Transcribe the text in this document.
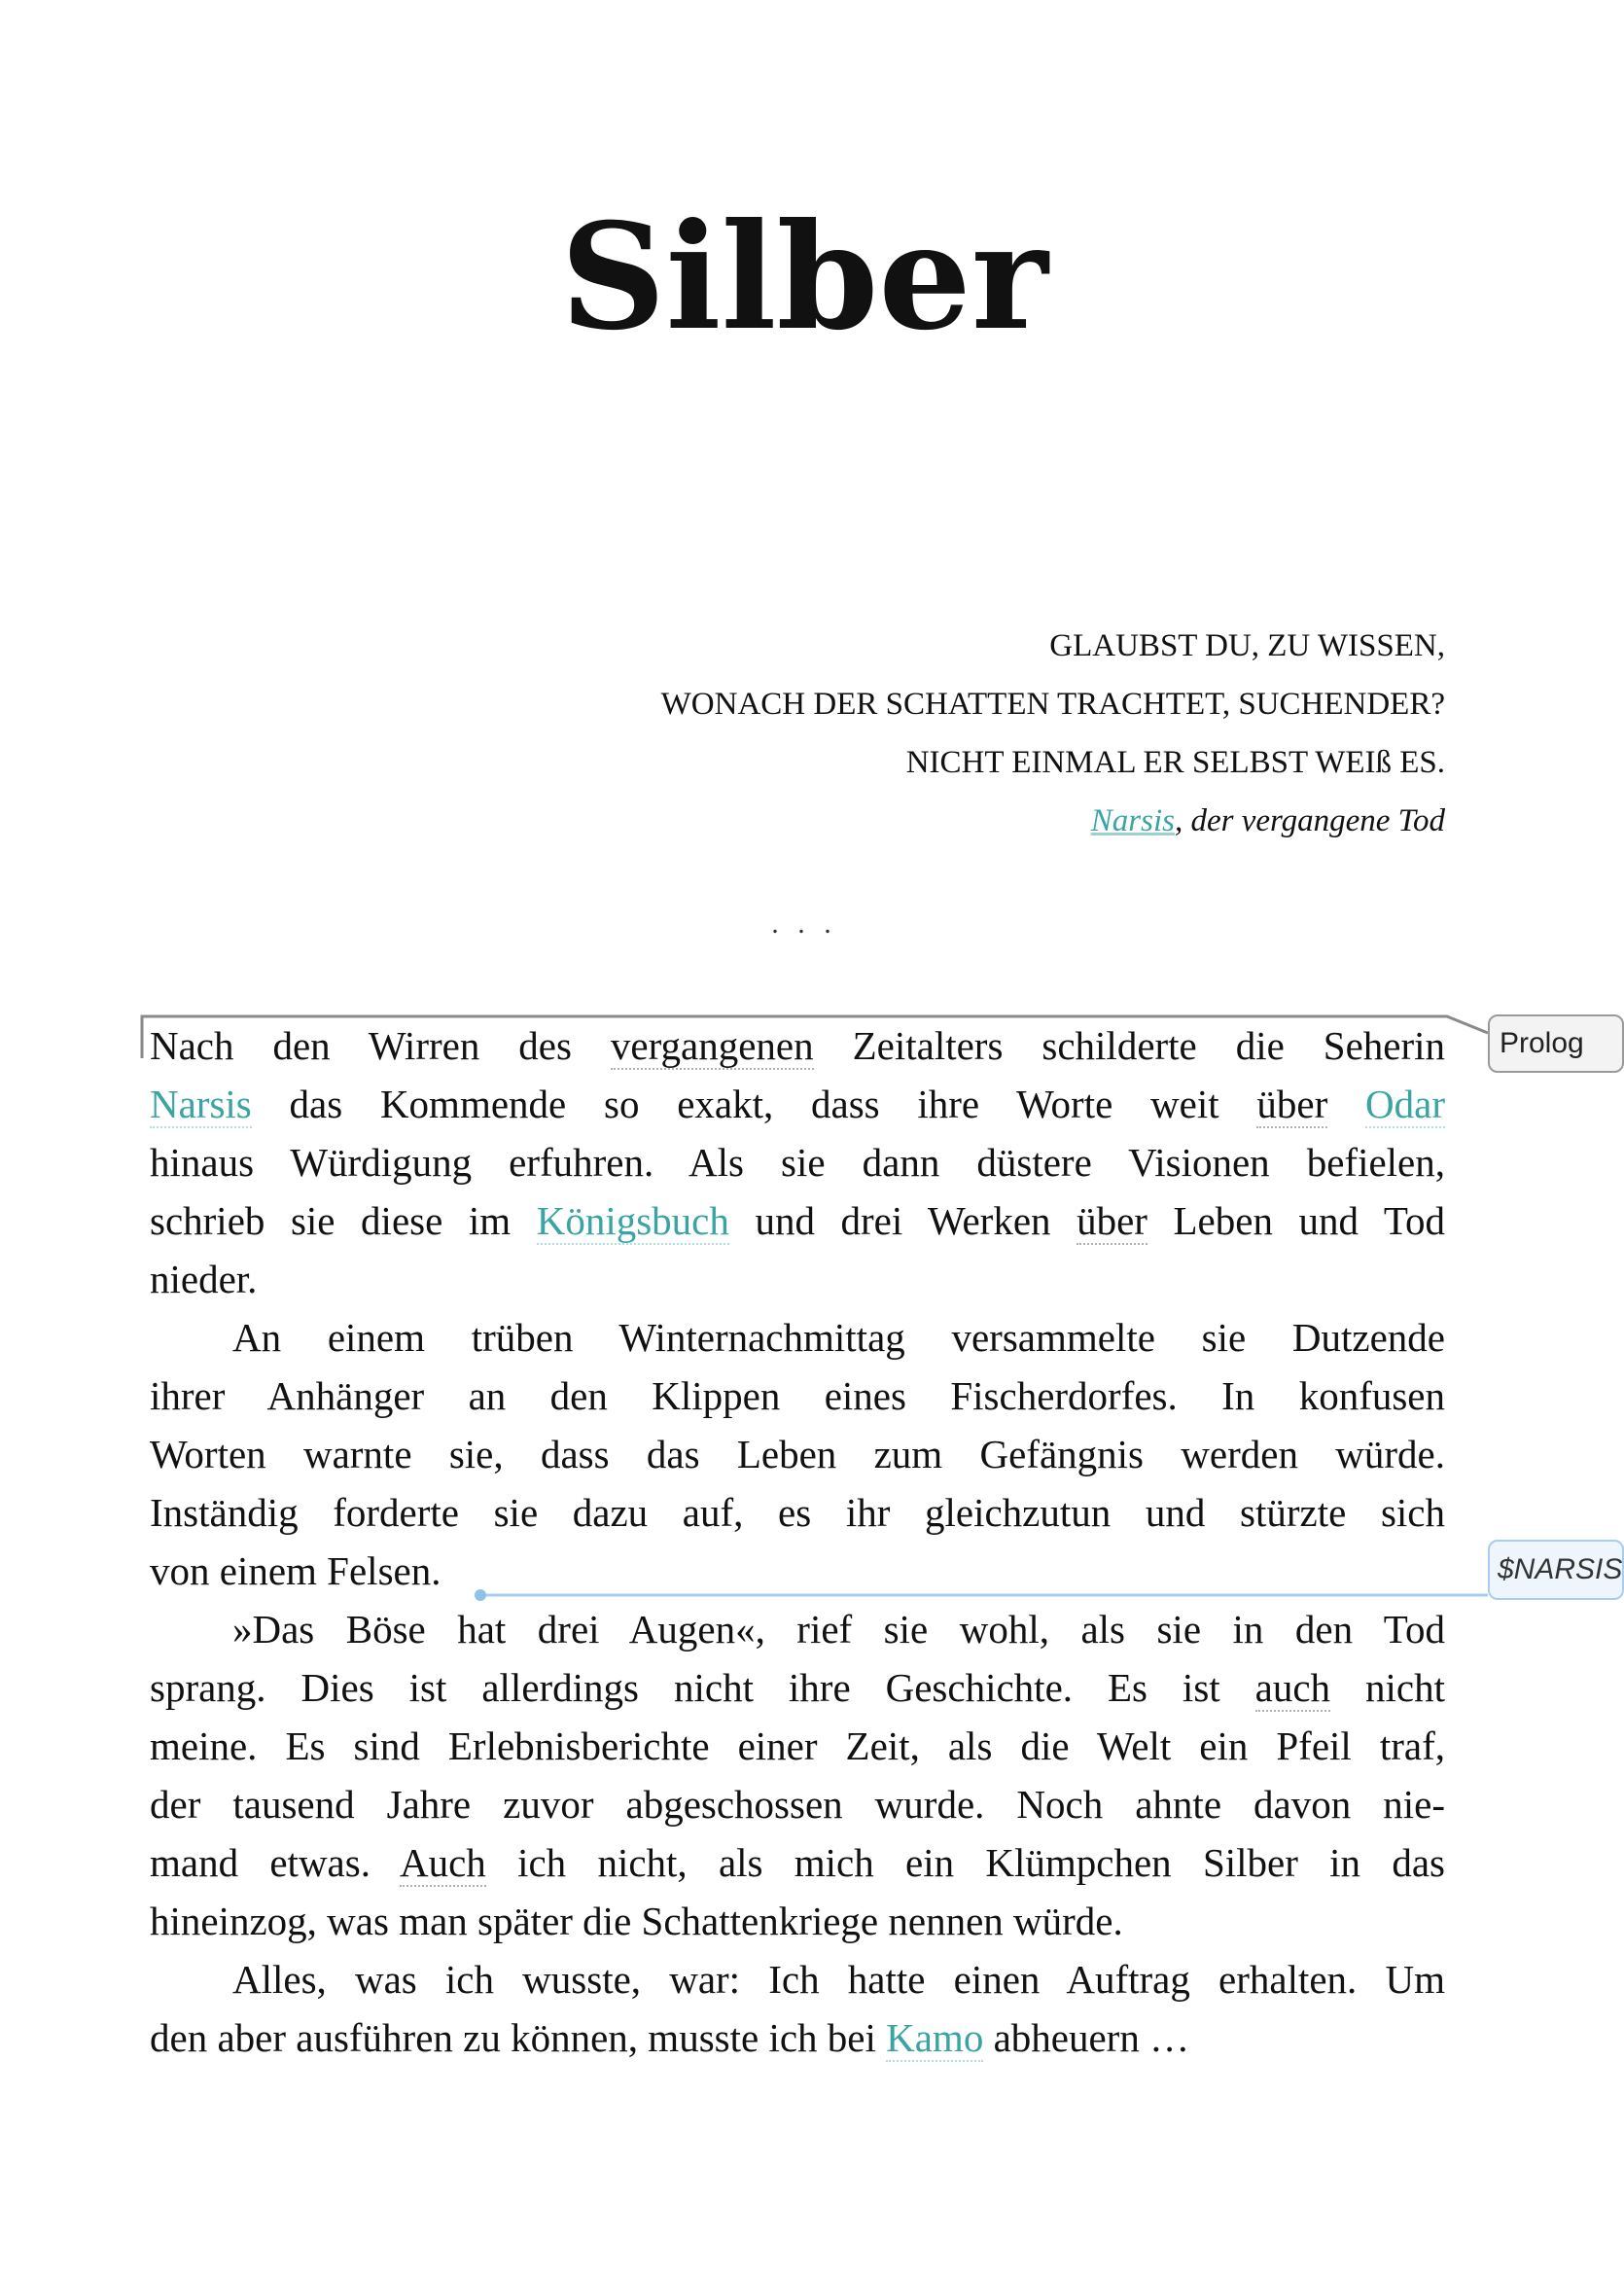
Silber
GLAUBST DU, ZU WISSEN,
WONACH DER SCHATTEN TRACHTET, SUCHENDER?
NICHT EINMAL ER SELBST WEIß ES.
Narsis, der vergangene Tod
. . .
Prolog
$NARSIS
Nach den Wirren des vergangenen Zeitalters schilderte die Seherin
Narsis das Kommende so exakt, dass ihre Worte weit über Odar
hinaus Würdigung erfuhren. Als sie dann düstere Visionen befielen,
schrieb sie diese im Königsbuch und drei Werken über Leben und Tod
nieder.
An einem trüben Winternachmittag versammelte sie Dutzende
ihrer Anhänger an den Klippen eines Fischerdorfes. In konfusen
Worten warnte sie, dass das Leben zum Gefängnis werden würde.
Inständig forderte sie dazu auf, es ihr gleichzutun und stürzte sich
von einem Felsen.
»Das Böse hat drei Augen«, rief sie wohl, als sie in den Tod
sprang. Dies ist allerdings nicht ihre Geschichte. Es ist auch nicht
meine. Es sind Erlebnisberichte einer Zeit, als die Welt ein Pfeil traf,
der tausend Jahre zuvor abgeschossen wurde. Noch ahnte davon nie-
mand etwas. Auch ich nicht, als mich ein Klümpchen Silber in das
hineinzog, was man später die Schattenkriege nennen würde.
Alles, was ich wusste, war: Ich hatte einen Auftrag erhalten. Um
den aber ausführen zu können, musste ich bei Kamo abheuern …
